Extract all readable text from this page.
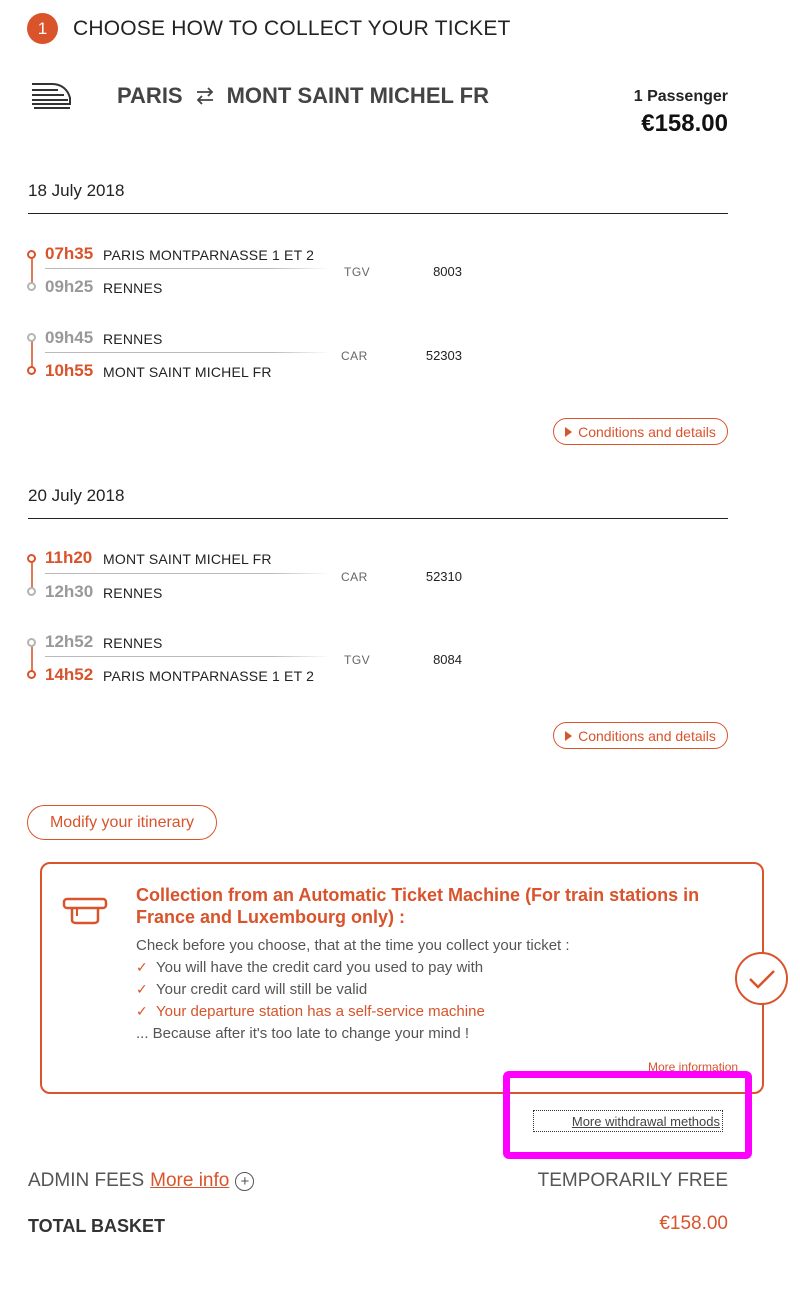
1	CHOOSE HOW TO COLLECT YOUR TICKET
PARIS MONT SAINT MICHEL FR	1 Passenger
€158.00
18 July 2018
07h35 PARIS MONTPARNASSE 1 ET 2
09h25 RENNES
TGV	8003
09h45 RENNES
10h55 MONT SAINT MICHEL FR
CAR	52303
Conditions and details
20 July 2018
11h20 MONT SAINT MICHEL FR
12h30 RENNES
CAR	52310
12h52 RENNES
14h52 PARIS MONTPARNASSE 1 ET 2
TGV	8084
Conditions and details
Modify your itinerary
Collection from an Automatic Ticket Machine (For train stations in France and Luxembourg only) :
Check before you choose, that at the time you collect your ticket :
✓ You will have the credit card you used to pay with
✓ Your credit card will still be valid
✓ Your departure station has a self-service machine
... Because after it's too late to change your mind !
More information
More withdrawal methods
ADMIN FEES More info +	TEMPORARILY FREE
TOTAL BASKET	€158.00
